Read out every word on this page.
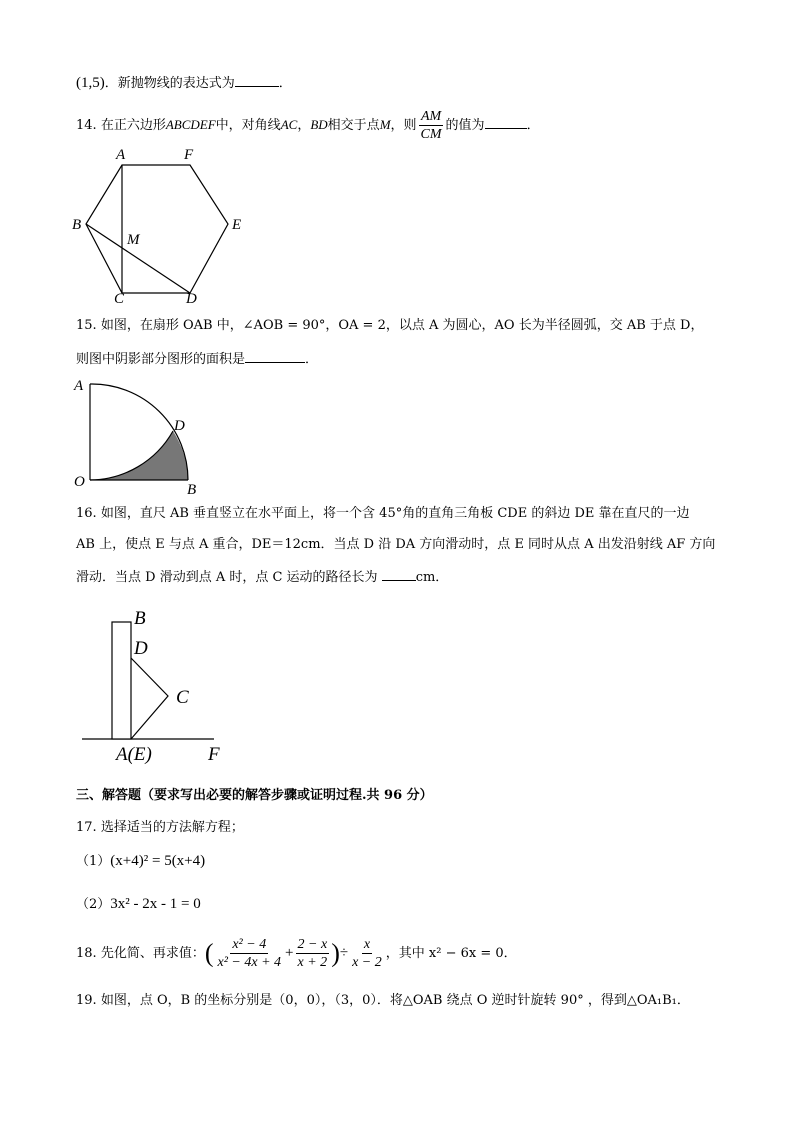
(1,5)．新抛物线的表达式为	．
14. 在正六边形ABCDEF中，对角线AC，BD相交于点M，则 $\frac{AM}{CM}$ 的值为	．
A	F
B	E
M
C	D
15. 如图，在扇形 OAB 中，∠AOB = 90°，OA = 2，以点 A 为圆心，AO 长为半径圆弧，交 AB 于点 D，
则图中阴影部分图形的面积是	．
A
D
O	B
16. 如图，直尺 AB 垂直竖立在水平面上，将一个含 45°角的直角三角板 CDE 的斜边 DE 靠在直尺的一边
AB 上，使点 E 与点 A 重合，DE＝12cm．当点 D 沿 DA 方向滑动时，点 E 同时从点 A 出发沿射线 AF 方向
滑动．当点 D 滑动到点 A 时，点 C 运动的路径长为	cm．
B
D
C
A(E)	F
三、解答题（要求写出必要的解答步骤或证明过程.共 96 分）
17. 选择适当的方法解方程；
（1）(x+4)² = 5(x+4)
（2）3x² - 2x - 1 = 0
18. 先化简、再求值：( $\frac{\text{x² − 4}}{\text{x² − 4x + 4}} + \frac{2 - x}{x + 2}$ )÷ $\frac{x}{x - 2}$ ，其中 x² − 6x = 0．
19. 如图，点 O，B 的坐标分别是（0，0），（3，0）．将△OAB 绕点 O 逆时针旋转 90° ，得到△OA₁B₁．
